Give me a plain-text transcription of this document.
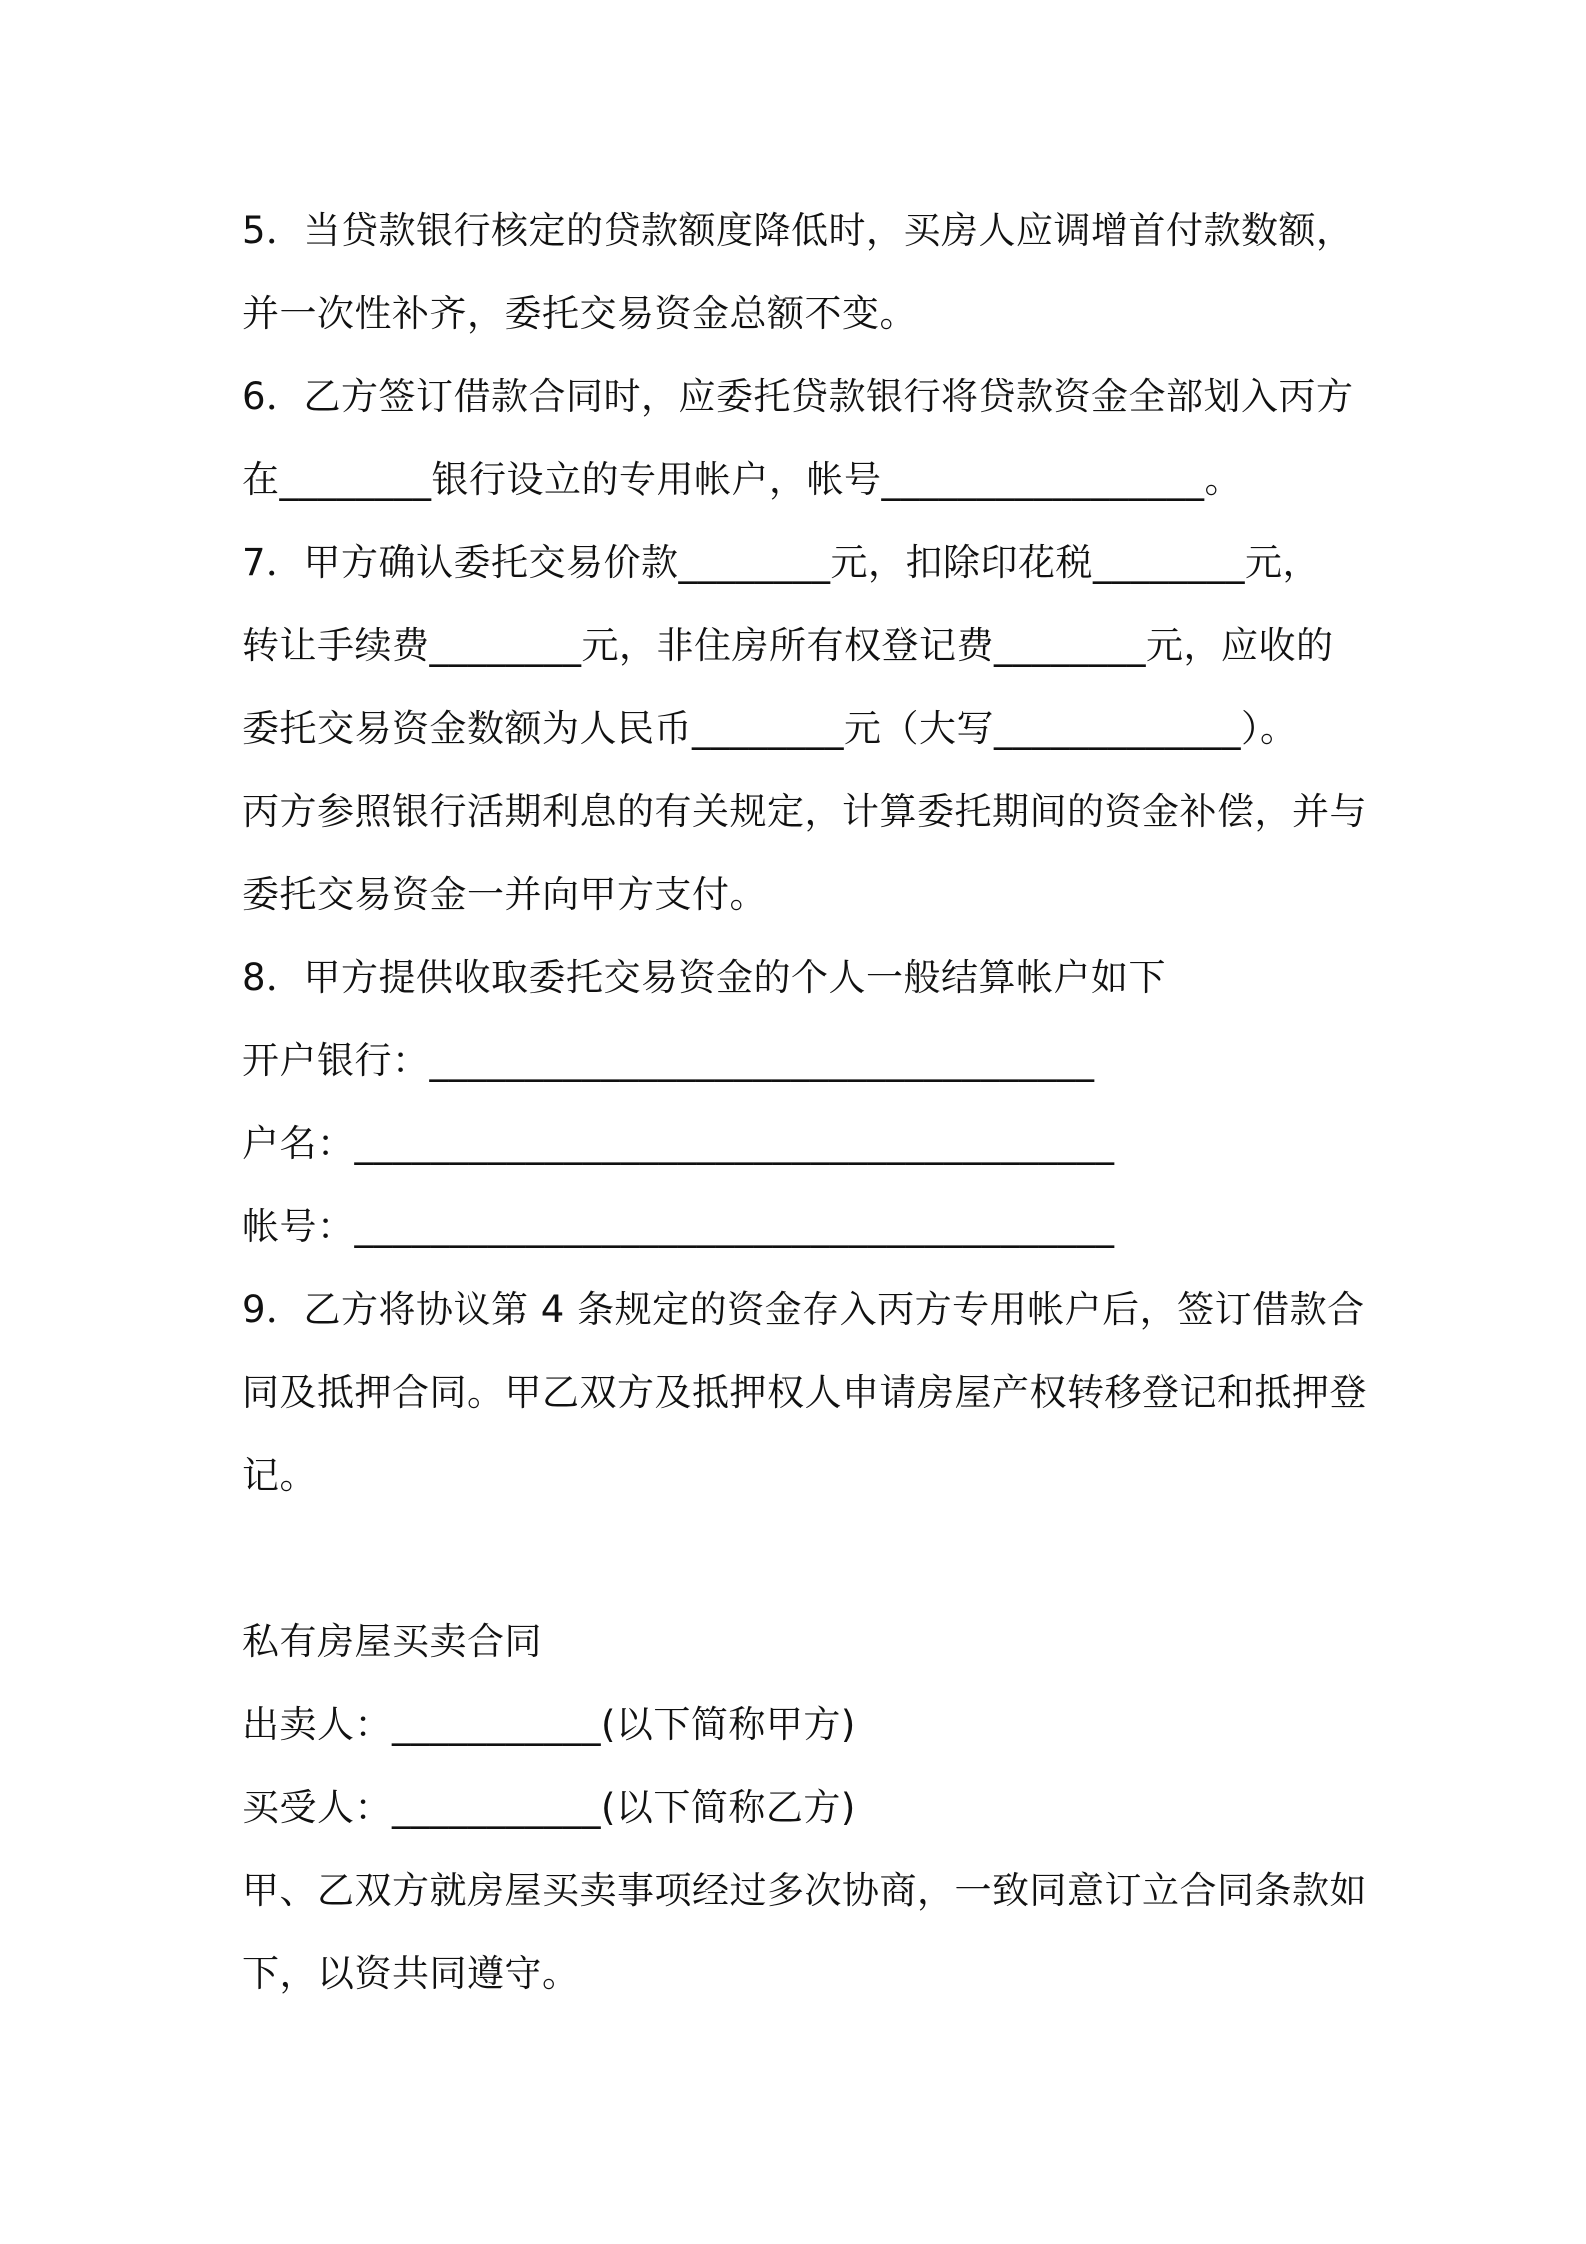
5．当贷款银行核定的贷款额度降低时，买房人应调增首付款数额，
并一次性补齐，委托交易资金总额不变。
6．乙方签订借款合同时，应委托贷款银行将贷款资金全部划入丙方
在________银行设立的专用帐户，帐号_________________。
7．甲方确认委托交易价款________元，扣除印花税________元，
转让手续费________元，非住房所有权登记费________元，应收的
委托交易资金数额为人民币________元（大写_____________）。
丙方参照银行活期利息的有关规定，计算委托期间的资金补偿，并与
委托交易资金一并向甲方支付。
8．甲方提供收取委托交易资金的个人一般结算帐户如下
开户银行：___________________________________
户名：________________________________________
帐号：________________________________________
9．乙方将协议第 4 条规定的资金存入丙方专用帐户后，签订借款合
同及抵押合同。甲乙双方及抵押权人申请房屋产权转移登记和抵押登
记。
私有房屋买卖合同
出卖人：___________(以下简称甲方)
买受人：___________(以下简称乙方)
甲、乙双方就房屋买卖事项经过多次协商，一致同意订立合同条款如
下，以资共同遵守。
